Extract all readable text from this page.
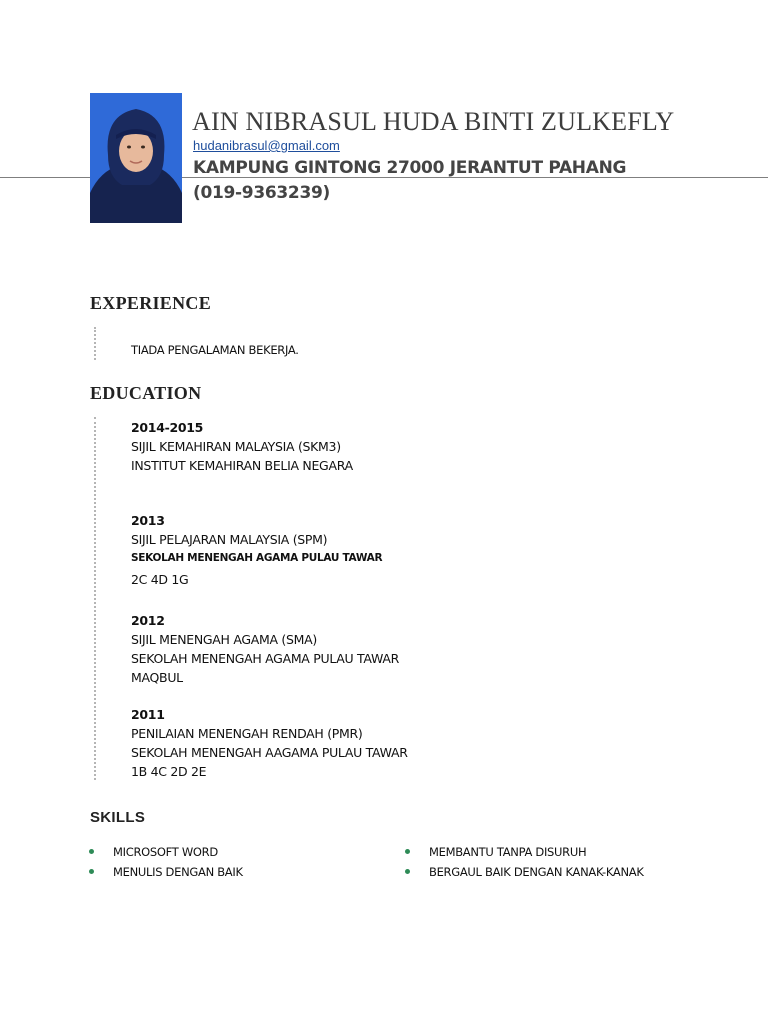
AIN NIBRASUL HUDA BINTI ZULKEFLY
hudanibrasul@gmail.com
KAMPUNG GINTONG 27000 JERANTUT PAHANG
(019-9363239)
EXPERIENCE
TIADA PENGALAMAN BEKERJA.
EDUCATION
2014-2015
SIJIL KEMAHIRAN MALAYSIA (SKM3)
INSTITUT KEMAHIRAN BELIA NEGARA
2013
SIJIL PELAJARAN MALAYSIA (SPM)
SEKOLAH MENENGAH AGAMA PULAU TAWAR
2C 4D 1G
2012
SIJIL MENENGAH AGAMA (SMA)
SEKOLAH MENENGAH AGAMA PULAU TAWAR
MAQBUL
2011
PENILAIAN MENENGAH RENDAH (PMR)
SEKOLAH MENENGAH AAGAMA PULAU TAWAR
1B 4C 2D 2E
SKILLS
MICROSOFT WORD
MENULIS DENGAN BAIK
MEMBANTU TANPA DISURUH
BERGAUL BAIK DENGAN KANAK-KANAK
